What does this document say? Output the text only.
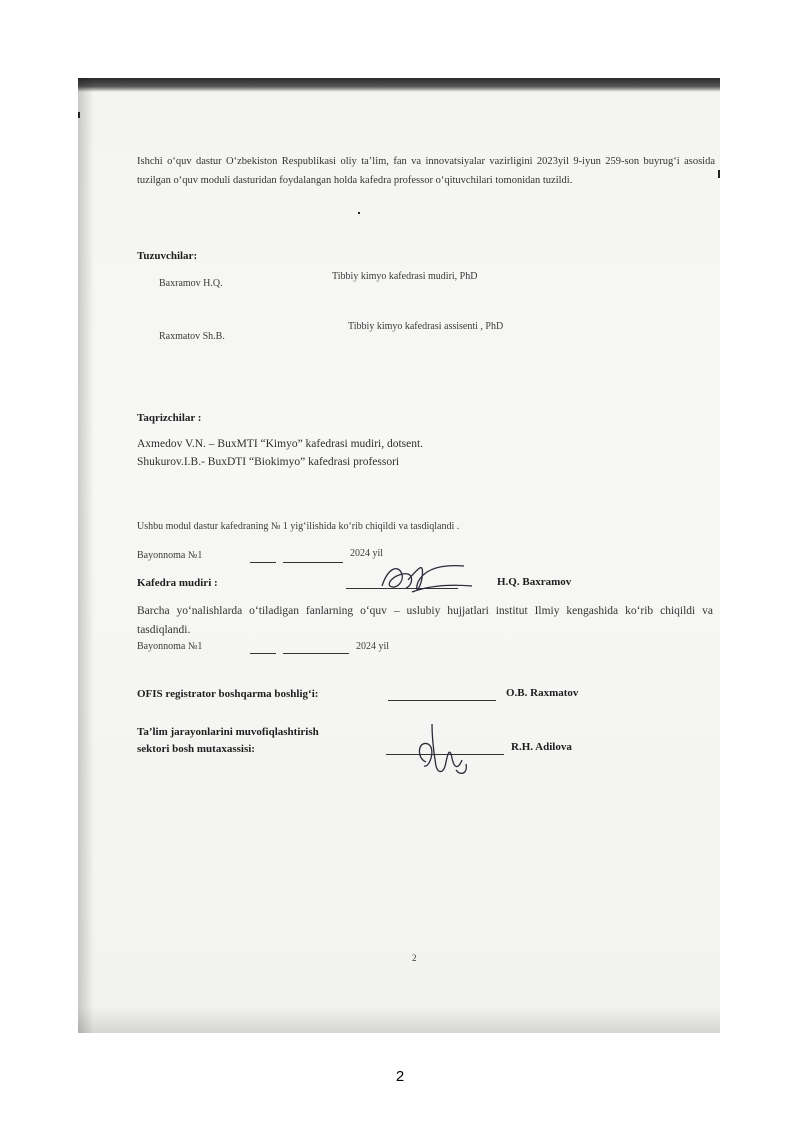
Ishchi o‘quv dastur O‘zbekiston Respublikasi oliy ta’lim, fan va innovatsiyalar vazirligini 2023yil 9-iyun 259-son buyrug‘i asosida tuzilgan o‘quv moduli dasturidan foydalangan holda kafedra professor o‘qituvchilari tomonidan tuzildi.

Tuzuvchilar:
Baxramov H.Q.
Tibbiy kimyo kafedrasi mudiri, PhD
Raxmatov Sh.B.
Tibbiy kimyo kafedrasi assisenti , PhD
Taqrizchilar :
Axmedov V.N. – BuxMTI “Kimyo” kafedrasi mudiri, dotsent.
Shukurov.I.B.- BuxDTI “Biokimyo” kafedrasi professori
Ushbu modul dastur kafedraning № 1 yig‘ilishida ko‘rib chiqildi va tasdiqlandi .
Bayonnoma №1	2024 yil
Kafedra mudiri :	H.Q. Baxramov

Barcha yo‘nalishlarda o‘tiladigan fanlarning o‘quv – uslubiy hujjatlari institut Ilmiy kengashida ko‘rib chiqildi va tasdiqlandi.

Bayonnoma №1	2024 yil
OFIS registrator boshqarma boshlig‘i:	O.B. Raxmatov
Ta’lim jarayonlarini muvofiqlashtirish
sektori bosh mutaxassisi:	R.H. Adilova
2
2
